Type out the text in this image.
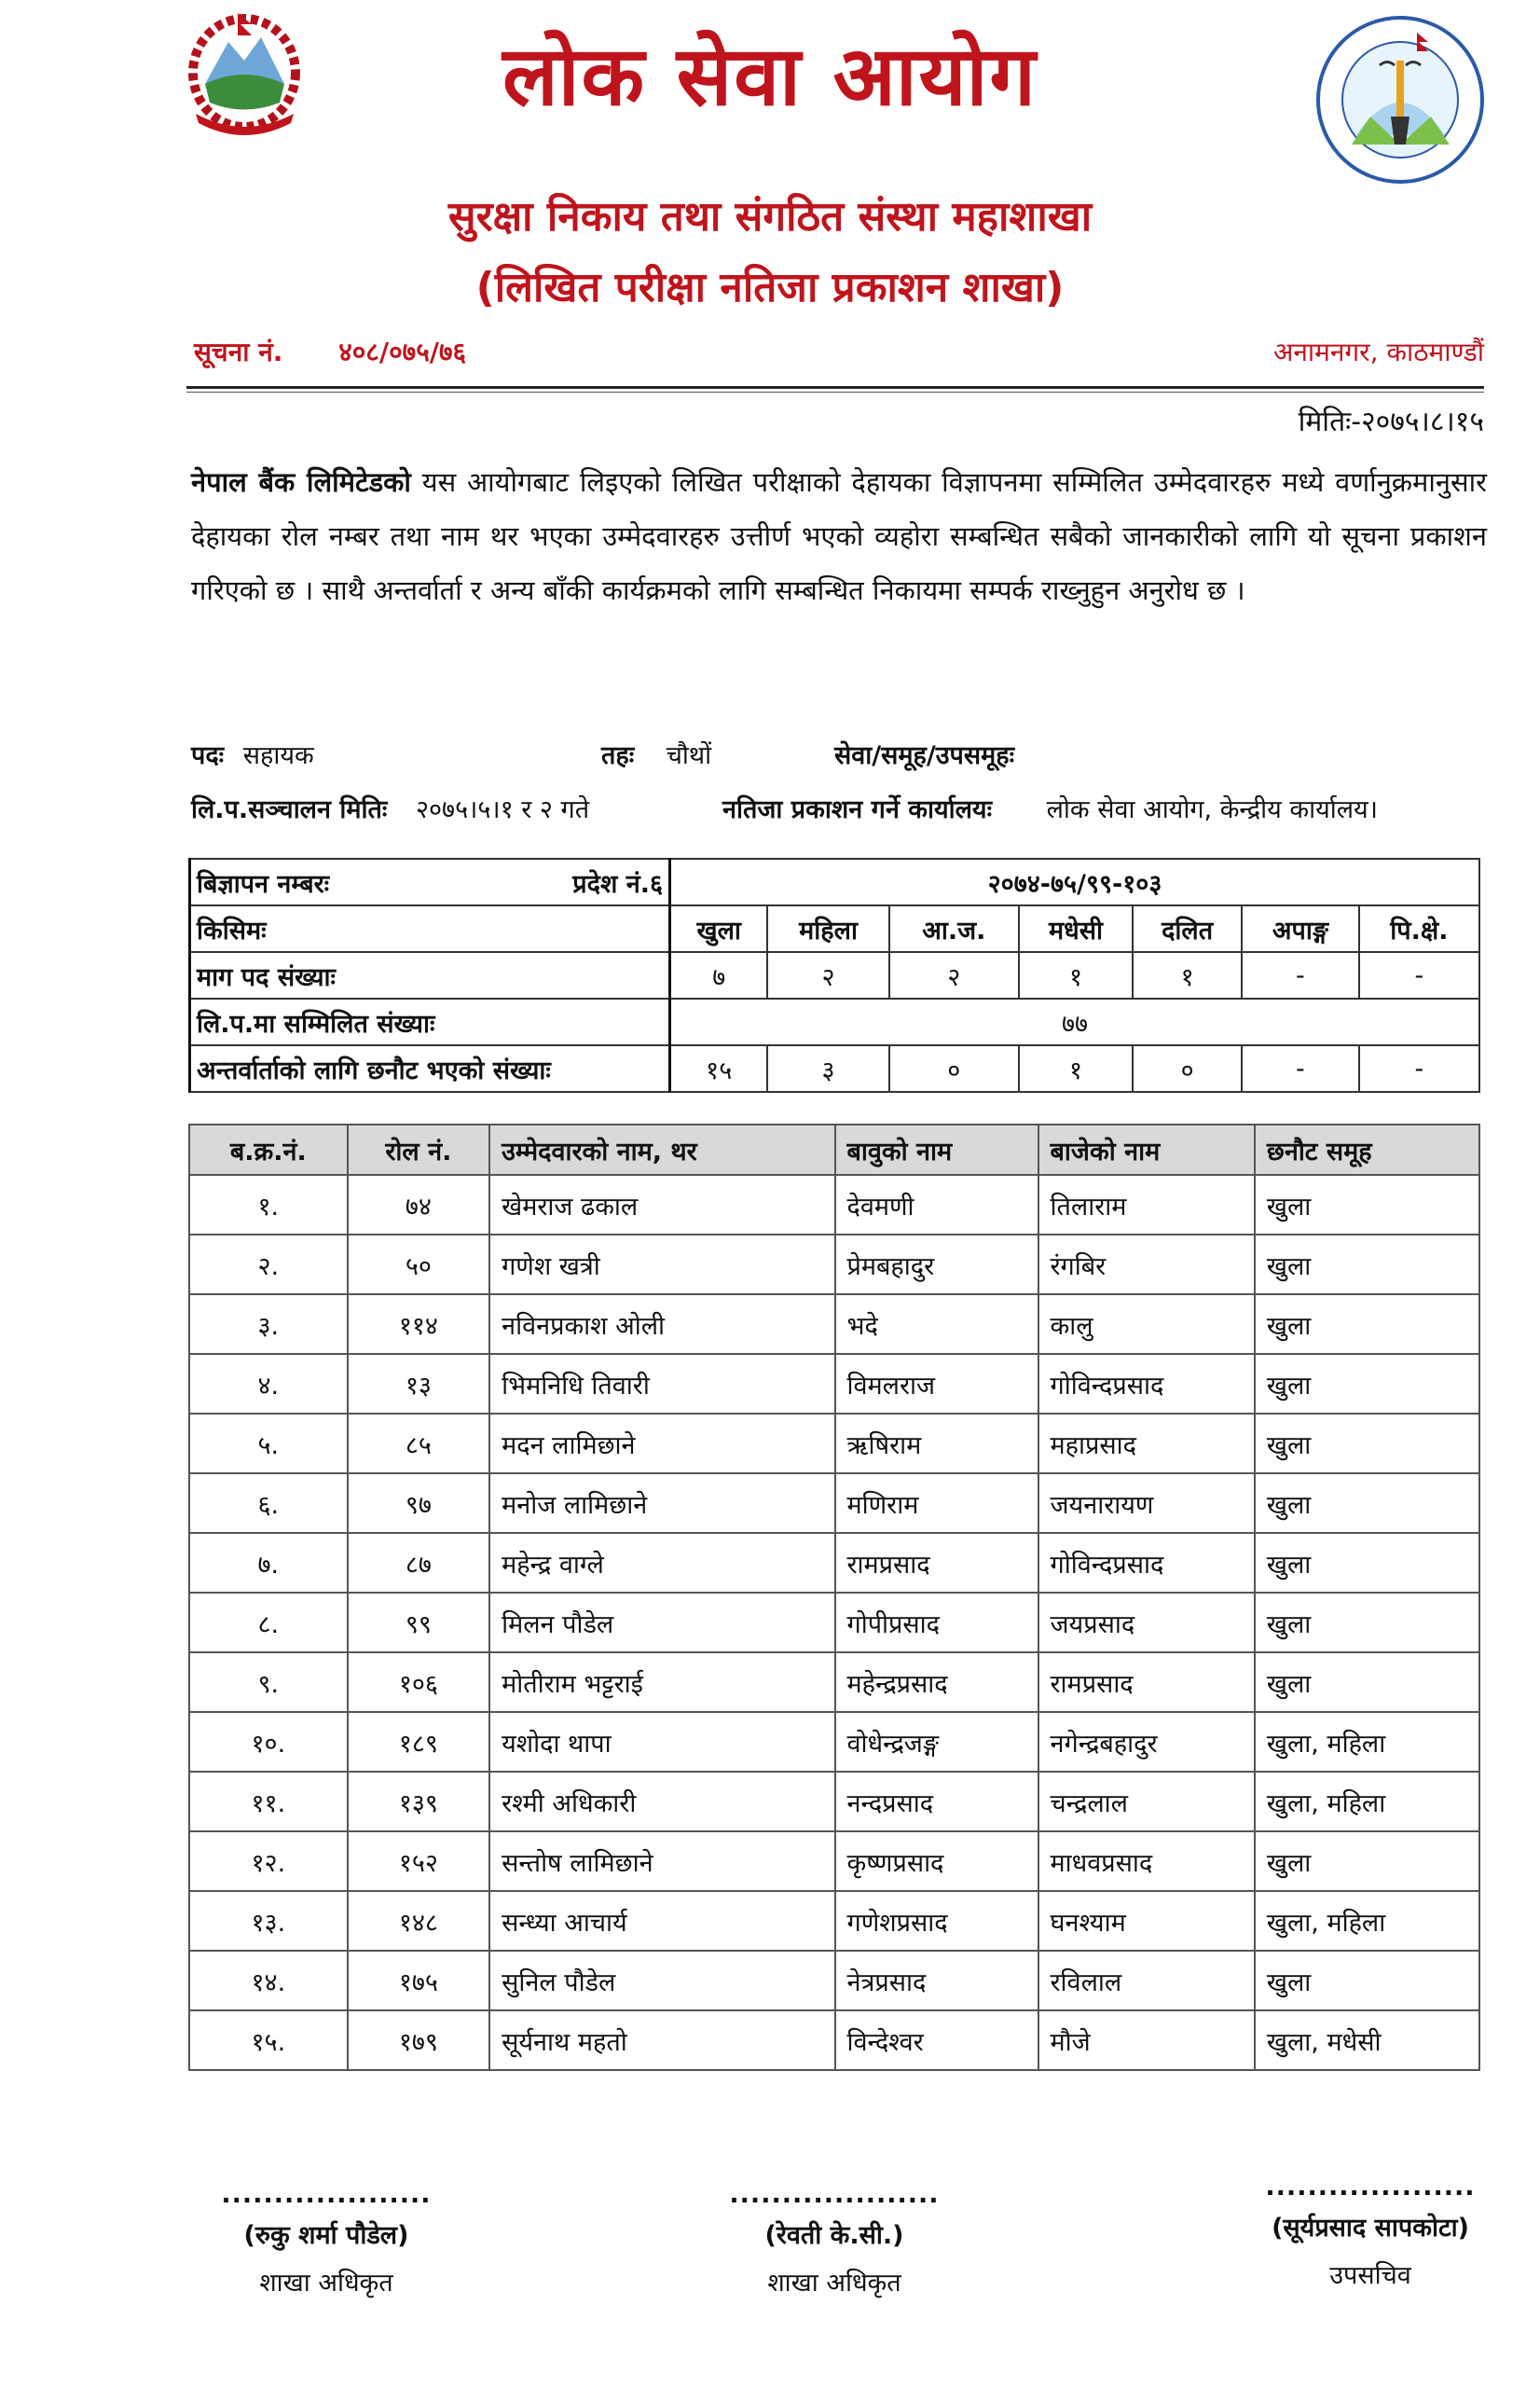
लोक सेवा आयोग
सुरक्षा निकाय तथा संगठित संस्था महाशाखा
(लिखित परीक्षा नतिजा प्रकाशन शाखा)
सूचना नं. ४०८/०७५/७६	अनामनगर, काठमाण्डौं
मितिः-२०७५।८।१५
नेपाल बैंक लिमिटेडको यस आयोगबाट लिइएको लिखित परीक्षाको देहायका विज्ञापनमा सम्मिलित उम्मेदवारहरु मध्ये वर्णानुक्रमानुसार देहायका रोल नम्बर तथा नाम थर भएका उम्मेदवारहरु उत्तीर्ण भएको व्यहोरा सम्बन्धित सबैको जानकारीको लागि यो सूचना प्रकाशन गरिएको छ । साथै अन्तर्वार्ता र अन्य बाँकी कार्यक्रमको लागि सम्बन्धित निकायमा सम्पर्क राख्नुहुन अनुरोध छ ।
पदः सहायक	तहः चौथों	सेवा/समूह/उपसमूहः
लि.प.सञ्चालन मितिः २०७५।५।१ र २ गते	नतिजा प्रकाशन गर्ने कार्यालयः लोक सेवा आयोग, केन्द्रीय कार्यालय।
बिज्ञापन नम्बरः प्रदेश नं.६	२०७४-७५/९९-१०३						
किसिमः	खुला	महिला	आ.ज.	मधेसी	दलित	अपाङ्ग	पि.क्षे.
माग पद संख्याः	७	२	२	१	१	-	-
लि.प.मा सम्मिलित संख्याः	७७						
अन्तर्वार्ताको लागि छनौट भएको संख्याः	१५	३	०	१	०	-	-
ब.क्र.नं.	रोल नं.	उम्मेदवारको नाम, थर	बावुको नाम	बाजेको नाम	छनौट समूह
१.	७४	खेमराज ढकाल	देवमणी	तिलाराम	खुला
२.	५०	गणेश खत्री	प्रेमबहादुर	रंगबिर	खुला
३.	११४	नविनप्रकाश ओली	भदे	कालु	खुला
४.	१३	भिमनिधि तिवारी	विमलराज	गोविन्दप्रसाद	खुला
५.	८५	मदन लामिछाने	ऋषिराम	महाप्रसाद	खुला
६.	९७	मनोज लामिछाने	मणिराम	जयनारायण	खुला
७.	८७	महेन्द्र वाग्ले	रामप्रसाद	गोविन्दप्रसाद	खुला
८.	९९	मिलन पौडेल	गोपीप्रसाद	जयप्रसाद	खुला
९.	१०६	मोतीराम भट्टराई	महेन्द्रप्रसाद	रामप्रसाद	खुला
१०.	१८९	यशोदा थापा	वोधेन्द्रजङ्ग	नगेन्द्रबहादुर	खुला, महिला
११.	१३९	रश्मी अधिकारी	नन्दप्रसाद	चन्द्रलाल	खुला, महिला
१२.	१५२	सन्तोष लामिछाने	कृष्णप्रसाद	माधवप्रसाद	खुला
१३.	१४८	सन्ध्या आचार्य	गणेशप्रसाद	घनश्याम	खुला, महिला
१४.	१७५	सुनिल पौडेल	नेत्रप्रसाद	रविलाल	खुला
१५.	१७९	सूर्यनाथ महतो	विन्देश्वर	मौजे	खुला, मधेसी
....................
(रुकु शर्मा पौडेल)
शाखा अधिकृत
....................
(रेवती के.सी.)
शाखा अधिकृत
....................
(सूर्यप्रसाद सापकोटा)
उपसचिव
